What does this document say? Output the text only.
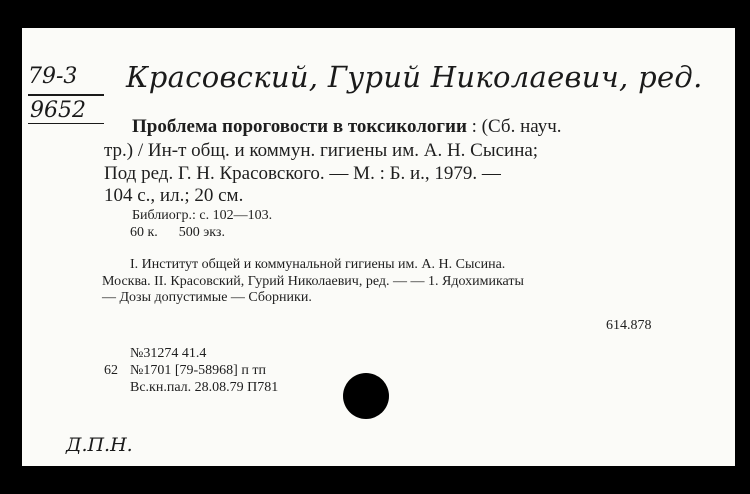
79-3
9652
Красовский, Гурий Николаевич, ред.
Проблема пороговости в токсикологии : (Сб. науч.
тр.) / Ин-т общ. и коммун. гигиены им. А. Н. Сысина;
Под ред. Г. Н. Красовского. — М. : Б. и., 1979. —
104 с., ил.; 20 см.
Библиогр.: с. 102—103.
60 к.      500 экз.
I. Институт общей и коммунальной гигиены им. А. Н. Сысина.
Москва. II. Красовский, Гурий Николаевич, ред. — — 1. Ядохимикаты
— Дозы допустимые — Сборники.
614.878
№31274 41.4
62 №1701 [79-58968] п тп
Вс.кн.пал. 28.08.79 П781
Д.П.Н.
